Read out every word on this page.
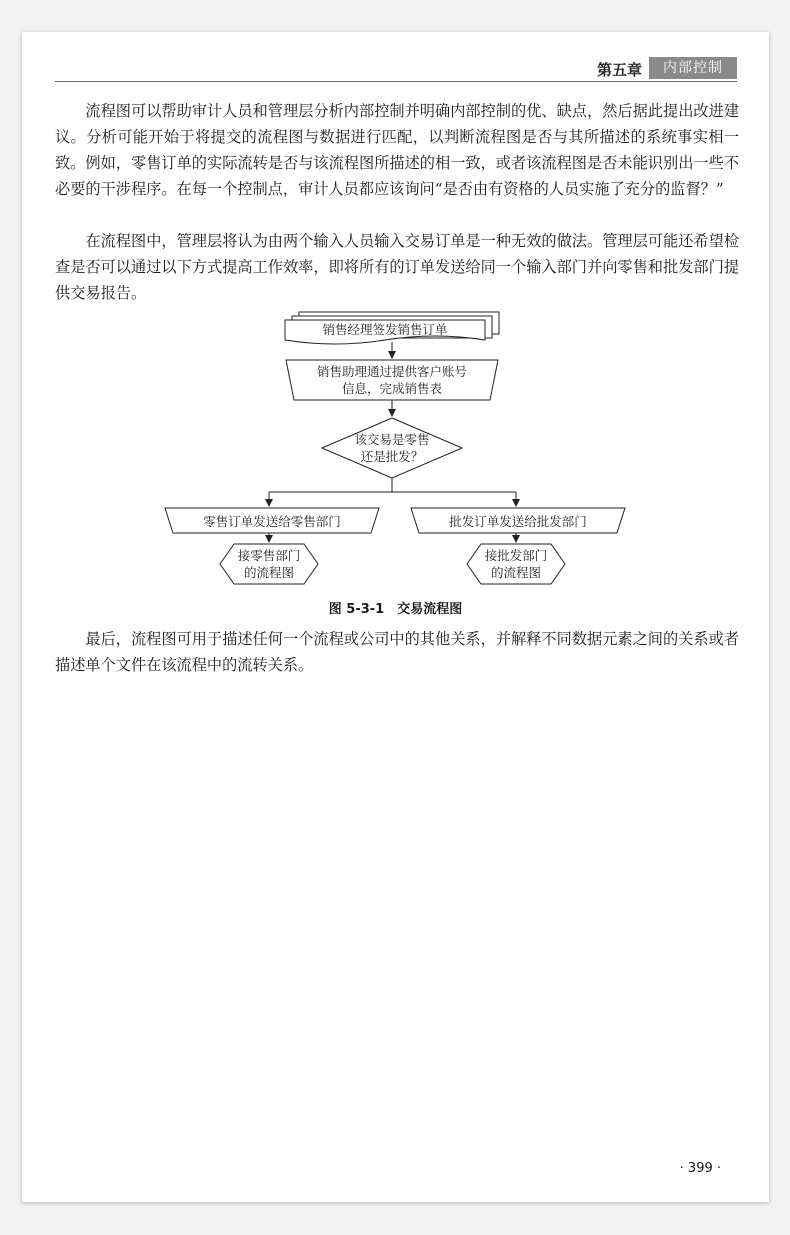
第五章	内部控制

流程图可以帮助审计人员和管理层分析内部控制并明确内部控制的优、缺点，然后据此提出改进建议。分析可能开始于将提交的流程图与数据进行匹配，以判断流程图是否与其所描述的系统事实相一致。例如，零售订单的实际流转是否与该流程图所描述的相一致，或者该流程图是否未能识别出一些不必要的干涉程序。在每一个控制点，审计人员都应该询问“是否由有资格的人员实施了充分的监督？”

在流程图中，管理层将认为由两个输入人员输入交易订单是一种无效的做法。管理层可能还希望检查是否可以通过以下方式提高工作效率，即将所有的订单发送给同一个输入部门并向零售和批发部门提供交易报告。

销售经理签发销售订单
销售助理通过提供客户账号
信息，完成销售表
该交易是零售
还是批发？
零售订单发送给零售部门	批发订单发送给批发部门
接零售部门
的流程图
接批发部门
的流程图
图 5-3-1　交易流程图

最后，流程图可用于描述任何一个流程或公司中的其他关系，并解释不同数据元素之间的关系或者描述单个文件在该流程中的流转关系。

· 399 ·
